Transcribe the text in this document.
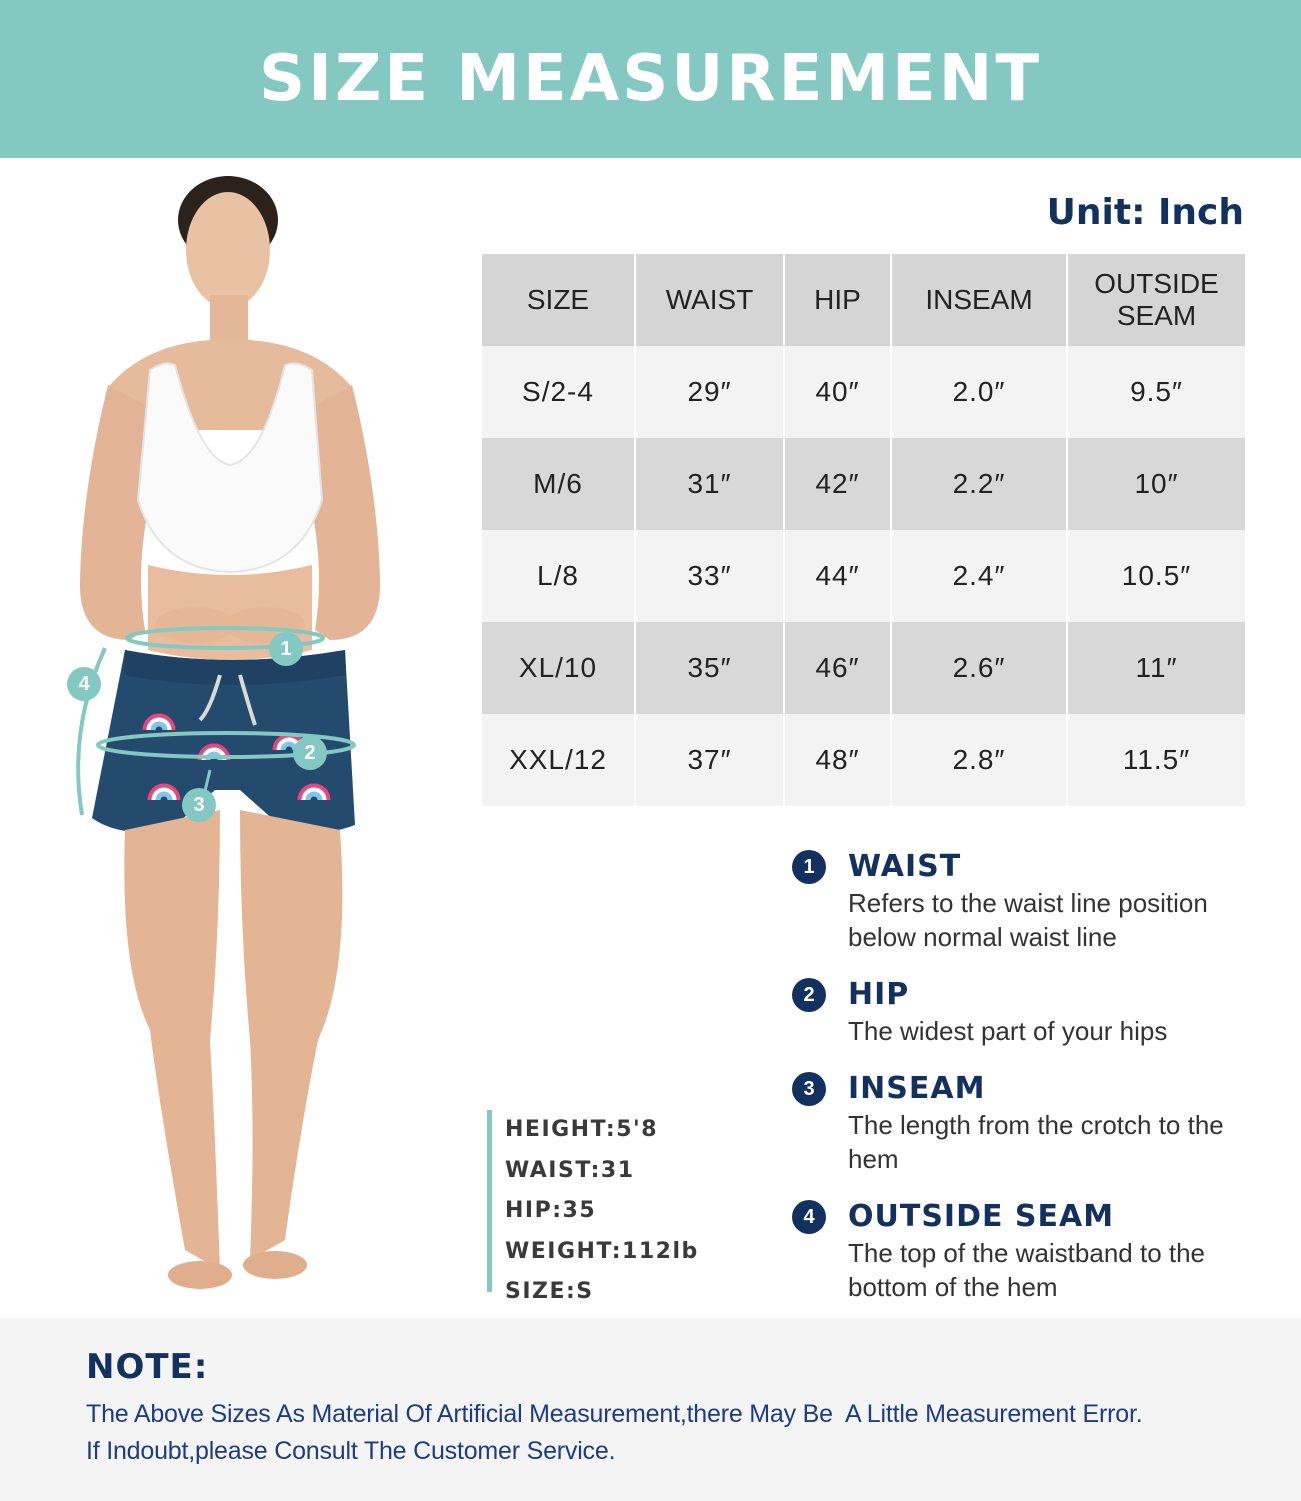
SIZE MEASUREMENT
Unit: Inch
1
2
3
4
SIZE	WAIST	HIP	INSEAM	OUTSIDE
SEAM
S/2-4	29″	40″	2.0″	9.5″
M/6	31″	42″	2.2″	10″
L/8	33″	44″	2.4″	10.5″
XL/10	35″	46″	2.6″	11″
XXL/12	37″	48″	2.8″	11.5″
1	WAIST
Refers to the waist line position below normal waist line
2	HIP
The widest part of your hips
3	INSEAM
The length from the crotch to the hem
4	OUTSIDE SEAM
The top of the waistband to the bottom of the hem
HEIGHT:5'8
WAIST:31
HIP:35
WEIGHT:112lb
SIZE:S
NOTE:
The Above Sizes As Material Of Artificial Measurement,there May Be  A Little Measurement Error.
If Indoubt,please Consult The Customer Service.
